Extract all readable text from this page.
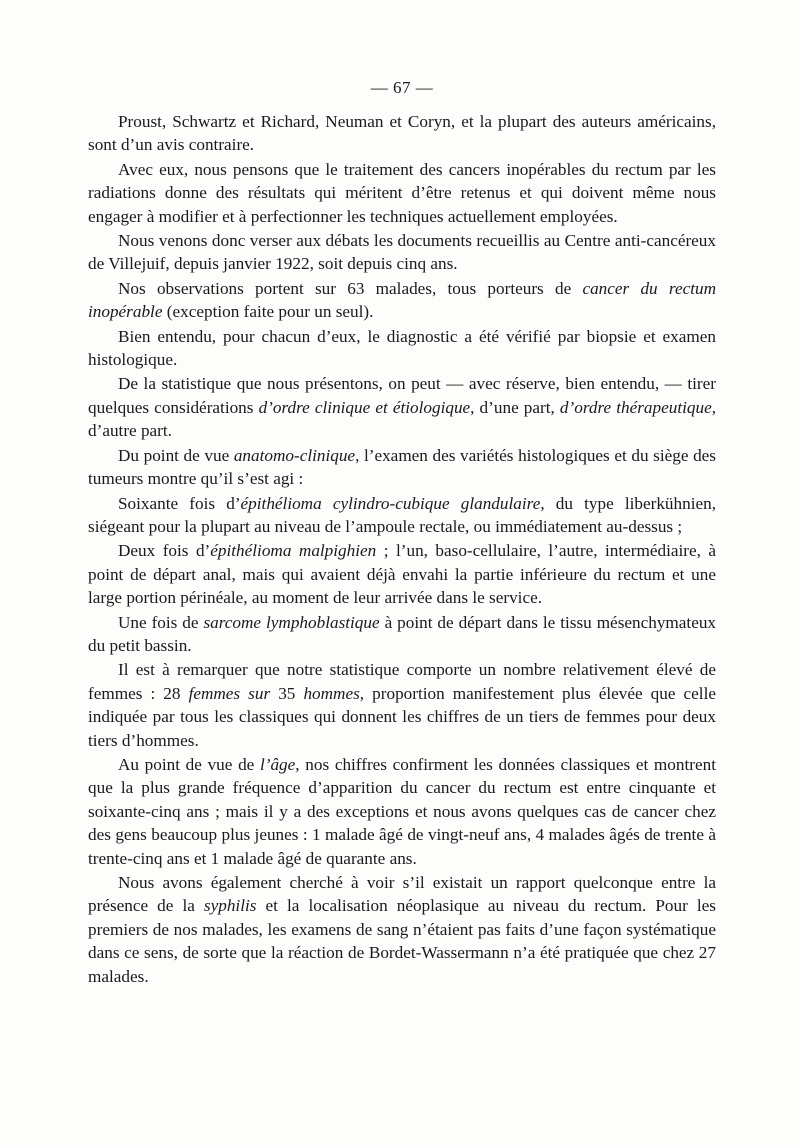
— 67 —

Proust, Schwartz et Richard, Neuman et Coryn, et la plupart des auteurs américains, sont d’un avis contraire.

Avec eux, nous pensons que le traitement des cancers inopérables du rectum par les radiations donne des résultats qui méritent d’être retenus et qui doivent même nous engager à modifier et à perfectionner les techniques actuellement employées.

Nous venons donc verser aux débats les documents recueillis au Centre anti-cancéreux de Villejuif, depuis janvier 1922, soit depuis cinq ans.

Nos observations portent sur 63 malades, tous porteurs de cancer du rectum inopérable (exception faite pour un seul).

Bien entendu, pour chacun d’eux, le diagnostic a été vérifié par biopsie et examen histologique.

De la statistique que nous présentons, on peut — avec réserve, bien entendu, — tirer quelques considérations d’ordre clinique et étiologique, d’une part, d’ordre thérapeutique, d’autre part.

Du point de vue anatomo-clinique, l’examen des variétés histologiques et du siège des tumeurs montre qu’il s’est agi :

Soixante fois d’épithélioma cylindro-cubique glandulaire, du type liberkühnien, siégeant pour la plupart au niveau de l’ampoule rectale, ou immédiatement au-dessus ;

Deux fois d’épithélioma malpighien ; l’un, baso-cellulaire, l’autre, intermédiaire, à point de départ anal, mais qui avaient déjà envahi la partie inférieure du rectum et une large portion périnéale, au moment de leur arrivée dans le service.

Une fois de sarcome lymphoblastique à point de départ dans le tissu mésenchymateux du petit bassin.

Il est à remarquer que notre statistique comporte un nombre relativement élevé de femmes : 28 femmes sur 35 hommes, proportion manifestement plus élevée que celle indiquée par tous les classiques qui donnent les chiffres de un tiers de femmes pour deux tiers d’hommes.

Au point de vue de l’âge, nos chiffres confirment les données classiques et montrent que la plus grande fréquence d’apparition du cancer du rectum est entre cinquante et soixante-cinq ans ; mais il y a des exceptions et nous avons quelques cas de cancer chez des gens beaucoup plus jeunes : 1 malade âgé de vingt-neuf ans, 4 malades âgés de trente à trente-cinq ans et 1 malade âgé de quarante ans.

Nous avons également cherché à voir s’il existait un rapport quelconque entre la présence de la syphilis et la localisation néoplasique au niveau du rectum. Pour les premiers de nos malades, les examens de sang n’étaient pas faits d’une façon systématique dans ce sens, de sorte que la réaction de Bordet-Wassermann n’a été pratiquée que chez 27 malades.
